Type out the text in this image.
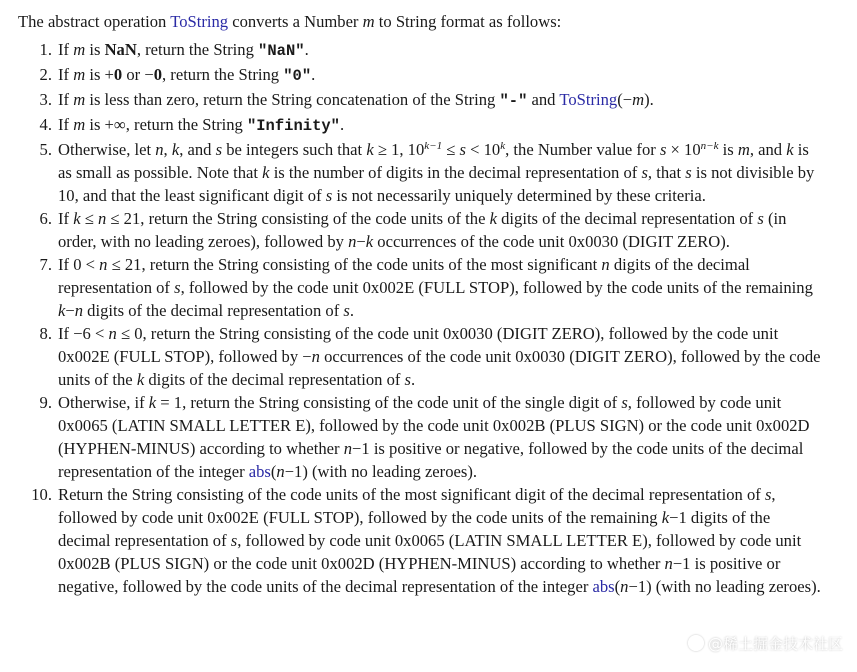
The abstract operation ToString converts a Number m to String format as follows:

1. If m is NaN, return the String "NaN".
2. If m is +0 or −0, return the String "0".
3. If m is less than zero, return the String concatenation of the String "-" and ToString(−m).
4. If m is +∞, return the String "Infinity".
5. Otherwise, let n, k, and s be integers such that k ≥ 1, $10^{k-1} \le s < 10^k$, the Number value for $s \times 10^{n-k}$ is m, and k is as small as possible. Note that k is the number of digits in the decimal representation of s, that s is not divisible by 10, and that the least significant digit of s is not necessarily uniquely determined by these criteria.
6. If k ≤ n ≤ 21, return the String consisting of the code units of the k digits of the decimal representation of s (in order, with no leading zeroes), followed by n−k occurrences of the code unit 0x0030 (DIGIT ZERO).
7. If 0 < n ≤ 21, return the String consisting of the code units of the most significant n digits of the decimal representation of s, followed by the code unit 0x002E (FULL STOP), followed by the code units of the remaining k−n digits of the decimal representation of s.
8. If −6 < n ≤ 0, return the String consisting of the code unit 0x0030 (DIGIT ZERO), followed by the code unit 0x002E (FULL STOP), followed by −n occurrences of the code unit 0x0030 (DIGIT ZERO), followed by the code units of the k digits of the decimal representation of s.
9. Otherwise, if k = 1, return the String consisting of the code unit of the single digit of s, followed by code unit 0x0065 (LATIN SMALL LETTER E), followed by the code unit 0x002B (PLUS SIGN) or the code unit 0x002D (HYPHEN-MINUS) according to whether n−1 is positive or negative, followed by the code units of the decimal representation of the integer abs(n−1) (with no leading zeroes).
10. Return the String consisting of the code units of the most significant digit of the decimal representation of s, followed by code unit 0x002E (FULL STOP), followed by the code units of the remaining k−1 digits of the decimal representation of s, followed by code unit 0x0065 (LATIN SMALL LETTER E), followed by code unit 0x002B (PLUS SIGN) or the code unit 0x002D (HYPHEN-MINUS) according to whether n−1 is positive or negative, followed by the code units of the decimal representation of the integer abs(n−1) (with no leading zeroes).
@稀土掘金技术社区
